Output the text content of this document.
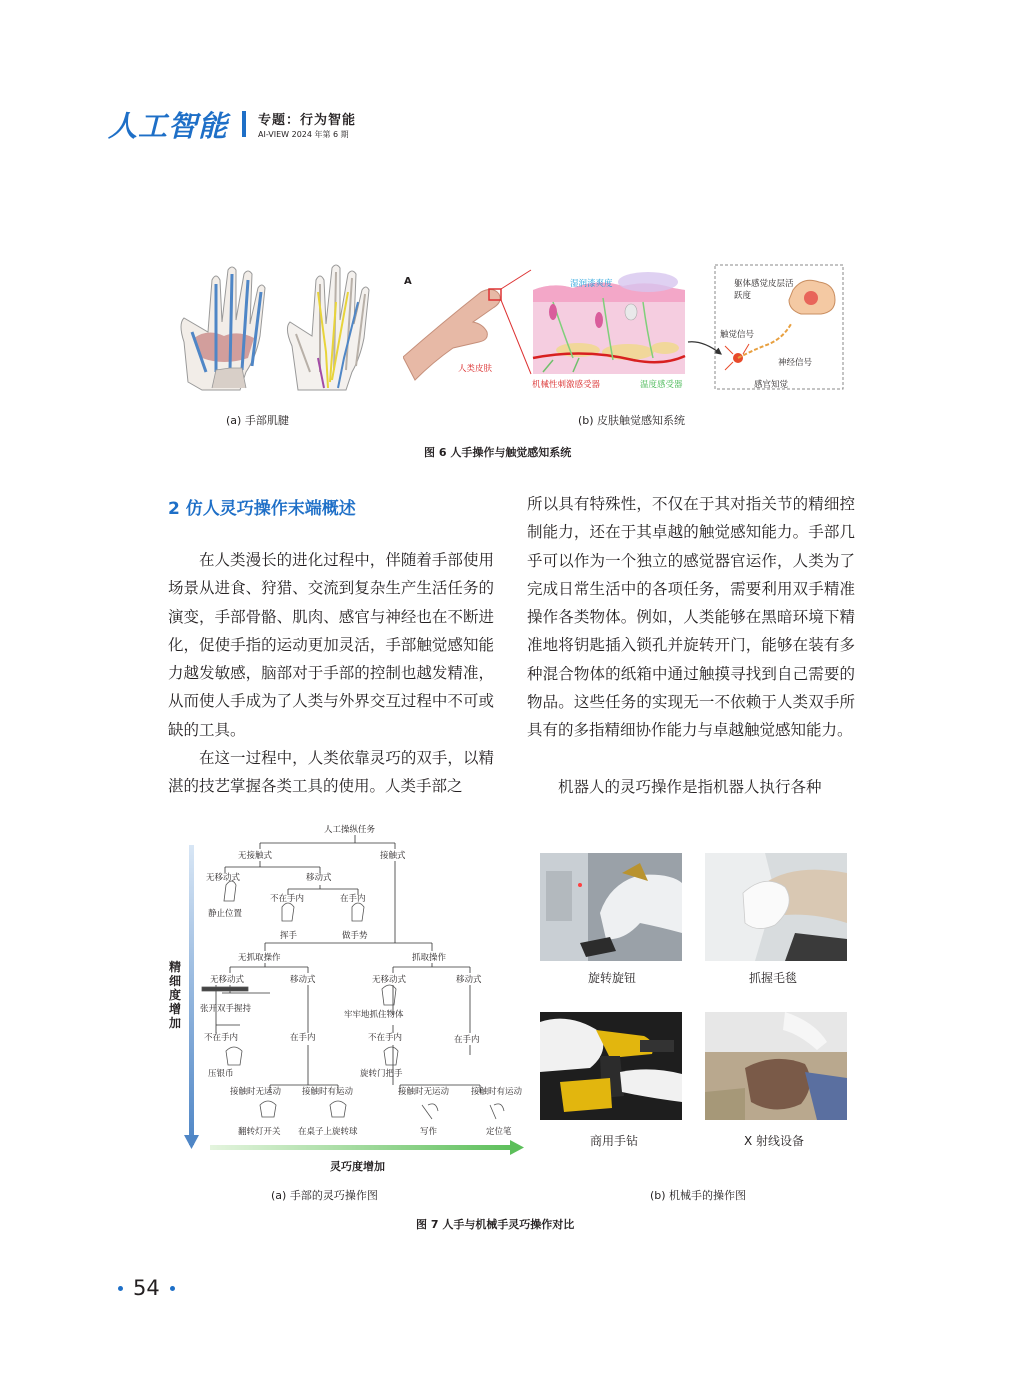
人工智能 专题：行为智能
AI-VIEW 2024 年第 6 期
A	湿润漆爽度	躯体感觉皮层活跃度
触觉信号
神经信号
人类皮肤
机械性刺激感受器	温度感受器	感官知觉
(a) 手部肌腱	(b) 皮肤触觉感知系统
图 6 人手操作与触觉感知系统
2 仿人灵巧操作末端概述

在人类漫长的进化过程中，伴随着手部使用场景从进食、狩猎、交流到复杂生产生活任务的演变，手部骨骼、肌肉、感官与神经也在不断进化，促使手指的运动更加灵活，手部触觉感知能力越发敏感，脑部对于手部的控制也越发精准，从而使人手成为了人类与外界交互过程中不可或缺的工具。

在这一过程中，人类依靠灵巧的双手，以精湛的技艺掌握各类工具的使用。人类手部之

所以具有特殊性，不仅在于其对指关节的精细控制能力，还在于其卓越的触觉感知能力。手部几乎可以作为一个独立的感觉器官运作，人类为了完成日常生活中的各项任务，需要利用双手精准操作各类物体。例如，人类能够在黑暗环境下精准地将钥匙插入锁孔并旋转开门，能够在装有多种混合物体的纸箱中通过触摸寻找到自己需要的物品。这些任务的实现无一不依赖于人类双手所具有的多指精细协作能力与卓越触觉感知能力。

机器人的灵巧操作是指机器人执行各种

人工操纵任务
无接触式	接触式
无移动式	移动式
不在手内	在手内
静止位置
挥手	做手势
无抓取操作	抓取操作
无移动式	移动式	无移动式	移动式
张开双手握持
牢牢地抓住物体
不在手内	在手内	不在手内	在手内
压银币	旋转门把手
接触时无运动 接触时有运动	接触时无运动	接触时有运动
翻转灯开关 在桌子上旋转球	写作	定位笔
灵巧度增加
精细度增加
旋转旋钮	抓握毛毯
商用手钻	X 射线设备
(a) 手部的灵巧操作图	(b) 机械手的操作图
图 7 人手与机械手灵巧操作对比
54
